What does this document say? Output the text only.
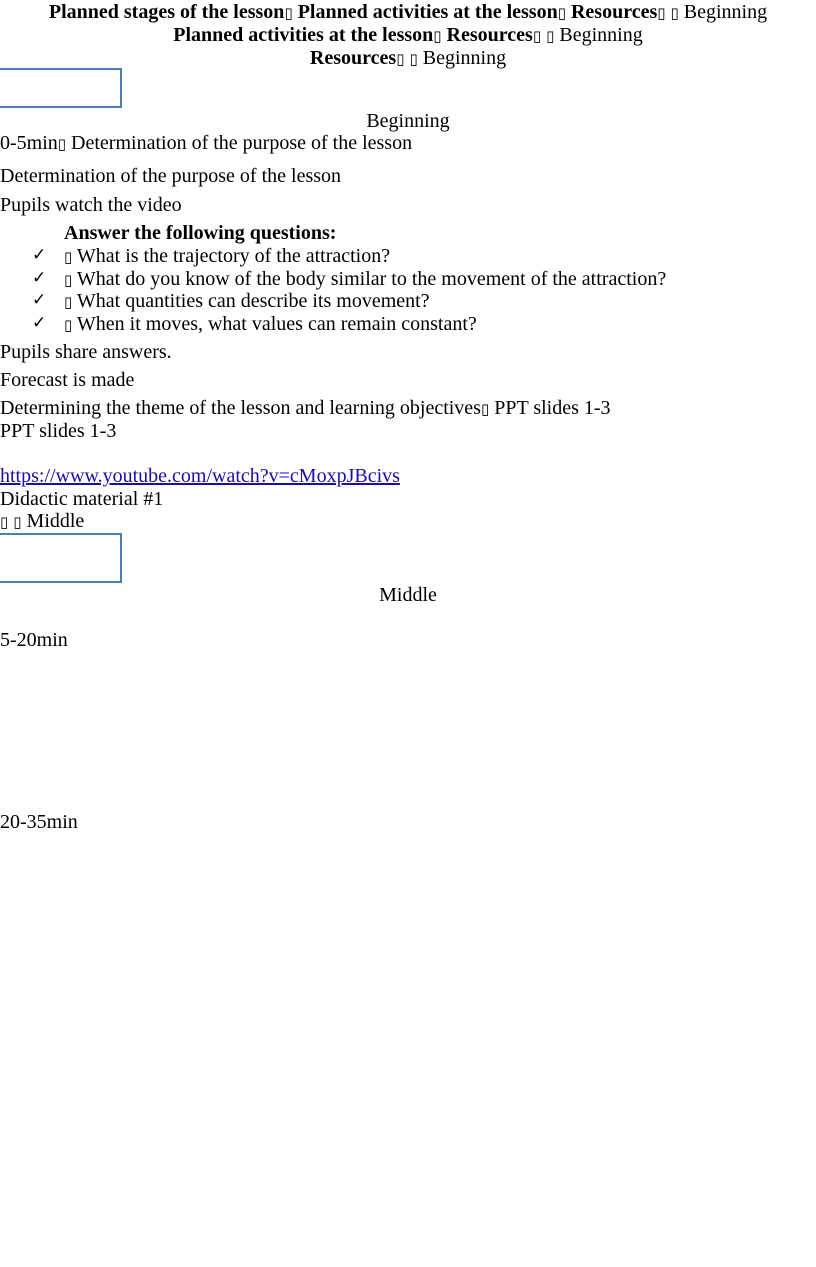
Planned stages of the lesson▯ Planned activities at the lesson▯ Resources▯ ▯ Beginning
Planned activities at the lesson▯ Resources▯ ▯ Beginning
Resources▯ ▯ Beginning
Beginning
0-5min▯ Determination of the purpose of the lesson
Determination of the purpose of the lesson
Pupils watch the video
Answer the following questions:
✓ ▯ What is the trajectory of the attraction?
✓ ▯ What do you know of the body similar to the movement of the attraction?
✓ ▯ What quantities can describe its movement?
✓ ▯ When it moves, what values can remain constant?
Pupils share answers.
Forecast is made
Determining the theme of the lesson and learning objectives▯ PPT slides 1-3
PPT slides 1-3
https://www.youtube.com/watch?v=cMoxpJBcivs
Didactic material #1
▯ ▯ Middle
Middle
5-20min
20-35min
